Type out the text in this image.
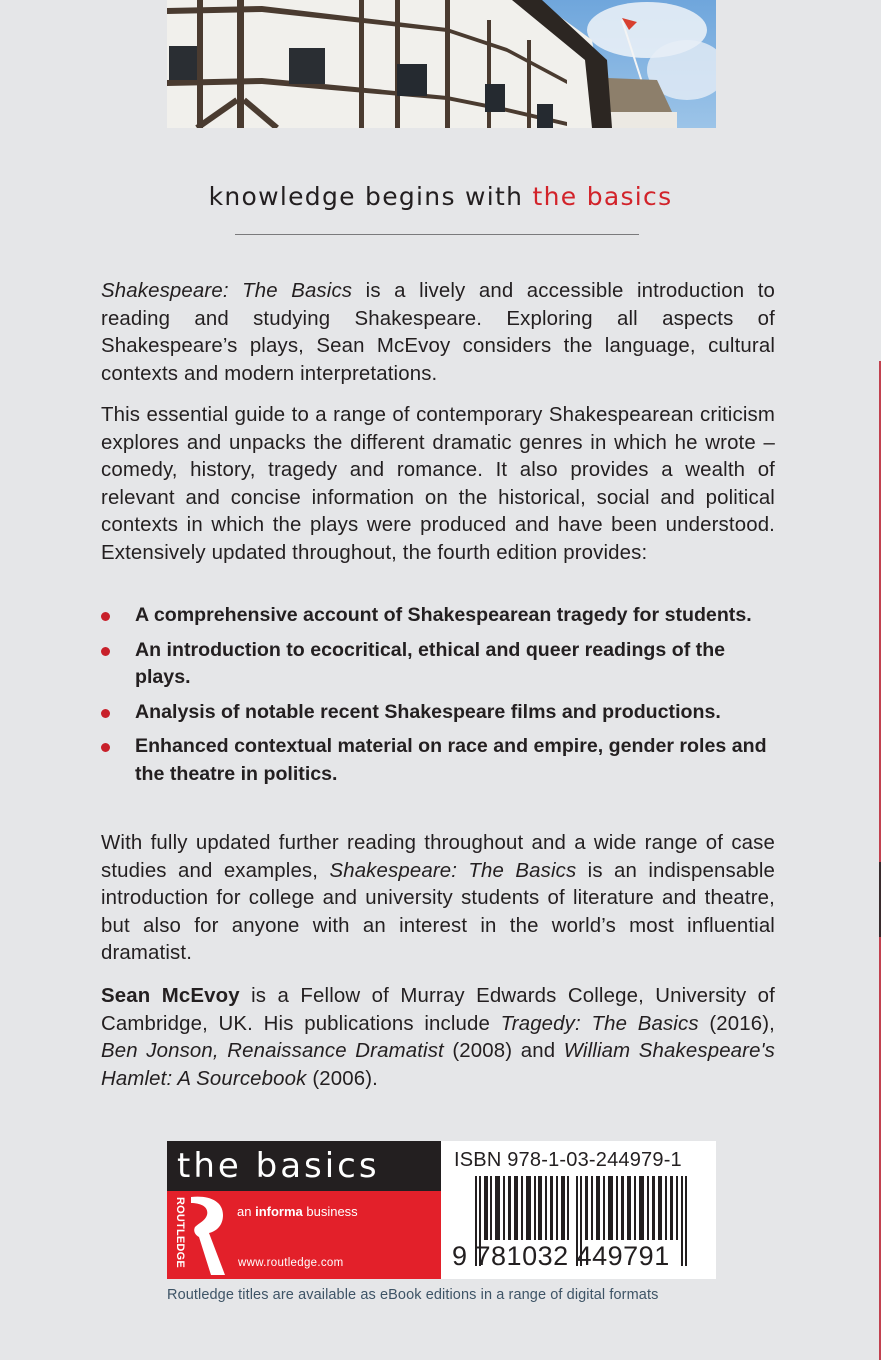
knowledge begins with the basics

Shakespeare: The Basics is a lively and accessible introduction to reading and studying Shakespeare. Exploring all aspects of Shakespeare’s plays, Sean McEvoy considers the language, cultural contexts and modern interpretations.

This essential guide to a range of contemporary Shakespearean criticism explores and unpacks the different dramatic genres in which he wrote – comedy, history, tragedy and romance. It also provides a wealth of relevant and concise information on the historical, social and political contexts in which the plays were produced and have been understood. Extensively updated throughout, the fourth edition provides:

A comprehensive account of Shakespearean tragedy for students.
An introduction to ecocritical, ethical and queer readings of the plays.
Analysis of notable recent Shakespeare films and productions.
Enhanced contextual material on race and empire, gender roles and the theatre in politics.

With fully updated further reading throughout and a wide range of case studies and examples, Shakespeare: The Basics is an indispensable introduction for college and university students of literature and theatre, but also for anyone with an interest in the world’s most influential dramatist.

Sean McEvoy is a Fellow of Murray Edwards College, University of Cambridge, UK. His publications include Tragedy: The Basics (2016), Ben Jonson, Renaissance Dramatist (2008) and William Shakespeare's Hamlet: A Sourcebook (2006).

the basics
ROUTLEDGE	an informa business
www.routledge.com
ISBN 978-1-03-244979-1
9 781032 449791
Routledge titles are available as eBook editions in a range of digital formats
